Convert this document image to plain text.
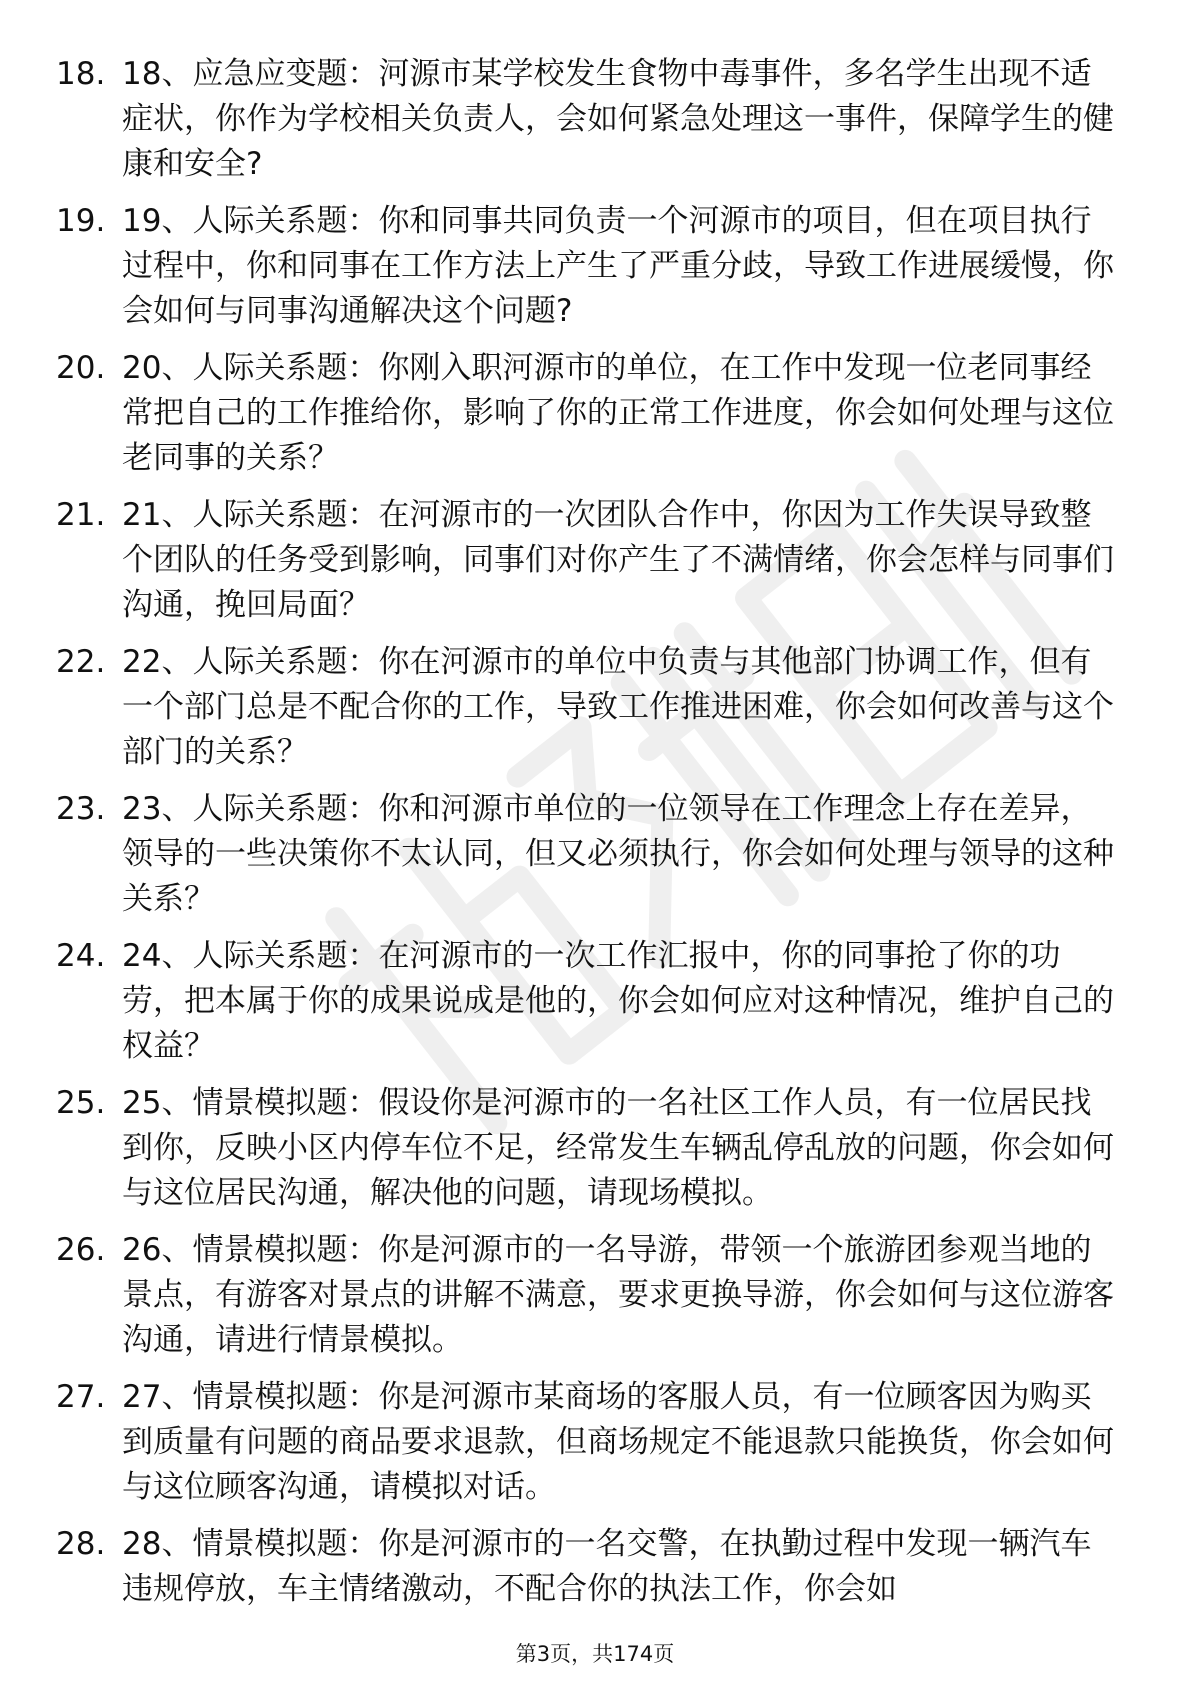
18. 18、应急应变题：河源市某学校发生食物中毒事件，多名学生出现不适症状，你作为学校相关负责人，会如何紧急处理这一事件，保障学生的健康和安全?
19. 19、人际关系题：你和同事共同负责一个河源市的项目，但在项目执行过程中，你和同事在工作方法上产生了严重分歧，导致工作进展缓慢，你会如何与同事沟通解决这个问题?
20. 20、人际关系题：你刚入职河源市的单位，在工作中发现一位老同事经常把自己的工作推给你，影响了你的正常工作进度，你会如何处理与这位老同事的关系？
21. 21、人际关系题：在河源市的一次团队合作中，你因为工作失误导致整个团队的任务受到影响，同事们对你产生了不满情绪，你会怎样与同事们沟通，挽回局面？
22. 22、人际关系题：你在河源市的单位中负责与其他部门协调工作，但有一个部门总是不配合你的工作，导致工作推进困难，你会如何改善与这个部门的关系？
23. 23、人际关系题：你和河源市单位的一位领导在工作理念上存在差异，领导的一些决策你不太认同，但又必须执行，你会如何处理与领导的这种关系？
24. 24、人际关系题：在河源市的一次工作汇报中，你的同事抢了你的功劳，把本属于你的成果说成是他的，你会如何应对这种情况，维护自己的权益？
25. 25、情景模拟题：假设你是河源市的一名社区工作人员，有一位居民找到你，反映小区内停车位不足，经常发生车辆乱停乱放的问题，你会如何与这位居民沟通，解决他的问题，请现场模拟。
26. 26、情景模拟题：你是河源市的一名导游，带领一个旅游团参观当地的景点，有游客对景点的讲解不满意，要求更换导游，你会如何与这位游客沟通，请进行情景模拟。
27. 27、情景模拟题：你是河源市某商场的客服人员，有一位顾客因为购买到质量有问题的商品要求退款，但商场规定不能退款只能换货，你会如何与这位顾客沟通，请模拟对话。
28. 28、情景模拟题：你是河源市的一名交警，在执勤过程中发现一辆汽车违规停放，车主情绪激动，不配合你的执法工作，你会如
第3页，共174页
